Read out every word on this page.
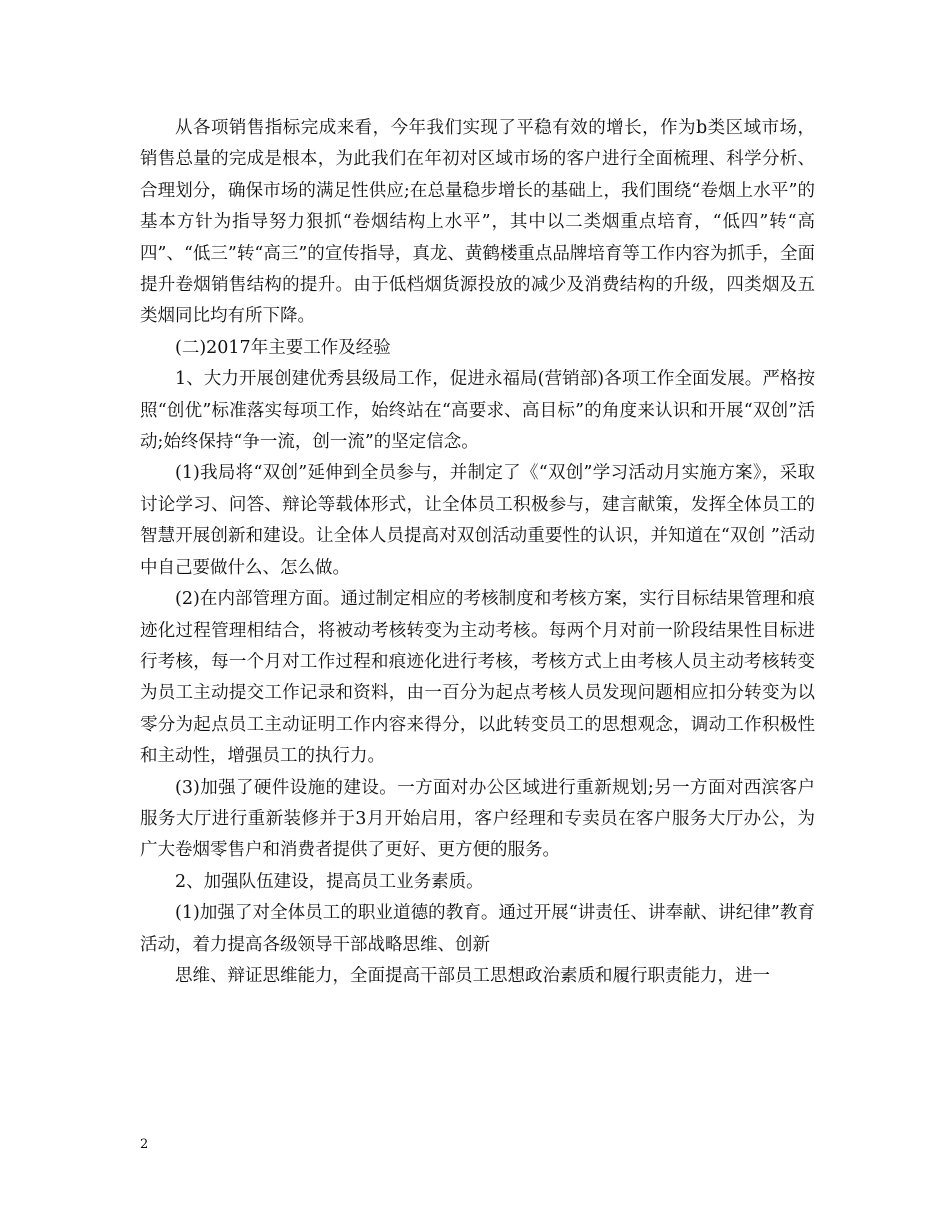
从各项销售指标完成来看，今年我们实现了平稳有效的增长，作为b类区域市场，销售总量的完成是根本，为此我们在年初对区域市场的客户进行全面梳理、科学分析、合理划分，确保市场的满足性供应;在总量稳步增长的基础上，我们围绕“卷烟上水平”的基本方针为指导努力狠抓“卷烟结构上水平”，其中以二类烟重点培育，“低四”转“高四”、“低三”转“高三”的宣传指导，真龙、黄鹤楼重点品牌培育等工作内容为抓手，全面提升卷烟销售结构的提升。由于低档烟货源投放的减少及消费结构的升级，四类烟及五类烟同比均有所下降。

(二)2017年主要工作及经验

1、大力开展创建优秀县级局工作，促进永福局(营销部)各项工作全面发展。严格按照“创优”标准落实每项工作，始终站在“高要求、高目标”的角度来认识和开展“双创”活动;始终保持“争一流，创一流”的坚定信念。

(1)我局将“双创”延伸到全员参与，并制定了《“双创”学习活动月实施方案》，采取讨论学习、问答、辩论等载体形式，让全体员工积极参与，建言献策，发挥全体员工的智慧开展创新和建设。让全体人员提高对双创活动重要性的认识，并知道在“双创 ”活动中自己要做什么、怎么做。

(2)在内部管理方面。通过制定相应的考核制度和考核方案，实行目标结果管理和痕迹化过程管理相结合，将被动考核转变为主动考核。每两个月对前一阶段结果性目标进行考核，每一个月对工作过程和痕迹化进行考核，考核方式上由考核人员主动考核转变为员工主动提交工作记录和资料，由一百分为起点考核人员发现问题相应扣分转变为以零分为起点员工主动证明工作内容来得分，以此转变员工的思想观念，调动工作积极性和主动性，增强员工的执行力。

(3)加强了硬件设施的建设。一方面对办公区域进行重新规划;另一方面对西滨客户服务大厅进行重新装修并于3月开始启用，客户经理和专卖员在客户服务大厅办公，为广大卷烟零售户和消费者提供了更好、更方便的服务。

2、加强队伍建设，提高员工业务素质。

(1)加强了对全体员工的职业道德的教育。通过开展“讲责任、讲奉献、讲纪律”教育活动，着力提高各级领导干部战略思维、创新

思维、辩证思维能力，全面提高干部员工思想政治素质和履行职责能力，进一

2
